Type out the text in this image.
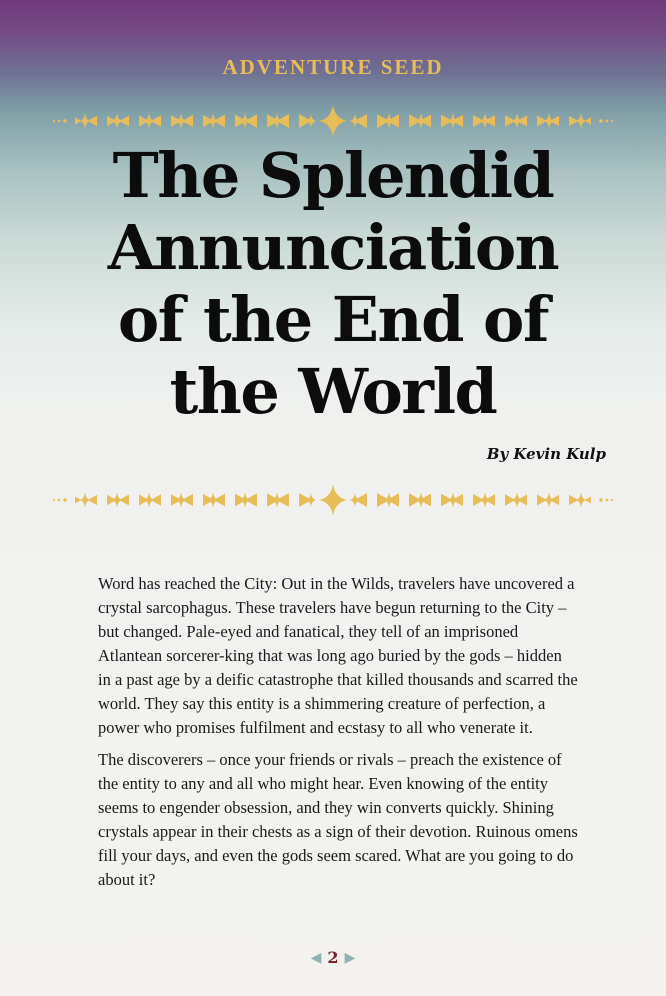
ADVENTURE SEED
The Splendid
Annunciation
of the End of
the World
By Kevin Kulp

Word has reached the City: Out in the Wilds, travelers have uncovered a crystal sarcophagus. These travelers have begun returning to the City – but changed. Pale-eyed and fanatical, they tell of an imprisoned Atlantean sorcerer-king that was long ago buried by the gods – hidden in a past age by a deific catastrophe that killed thousands and scarred the world. They say this entity is a shimmering creature of perfection, a power who promises fulfilment and ecstasy to all who venerate it.

The discoverers – once your friends or rivals – preach the existence of the entity to any and all who might hear. Even knowing of the entity seems to engender obsession, and they win converts quickly. Shining crystals appear in their chests as a sign of their devotion. Ruinous omens fill your days, and even the gods seem scared. What are you going to do about it?

◀ 2 ▶
